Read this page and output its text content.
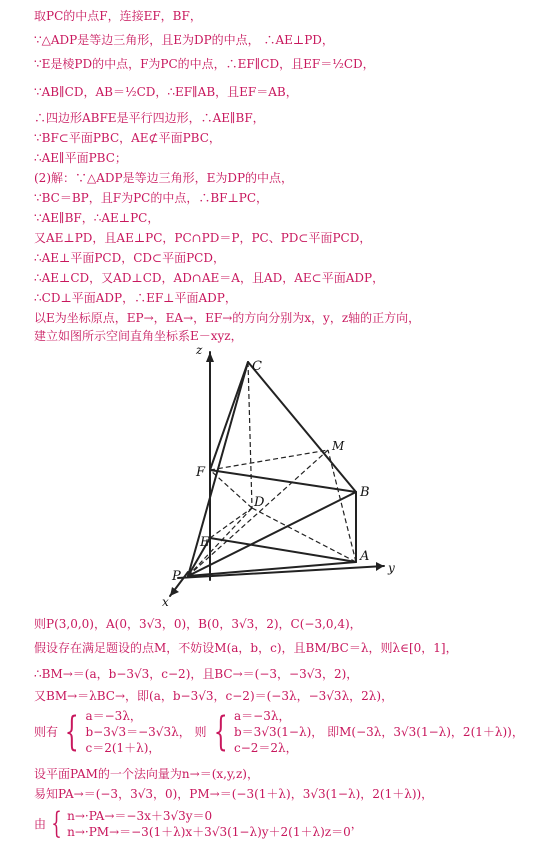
取PC的中点F，连接EF，BF，
∵△ADP是等边三角形，且E为DP的中点， ∴AE⊥PD，
∵E是棱PD的中点，F为PC的中点，∴EF∥CD，且EF＝½CD，
∵AB∥CD，AB＝½CD，∴EF∥AB，且EF＝AB，
∴四边形ABFE是平行四边形，∴AE∥BF，
∵BF⊂平面PBC，AE⊄平面PBC，
∴AE∥平面PBC；
(2)解：∵△ADP是等边三角形，E为DP的中点，
∵BC＝BP，且F为PC的中点，∴BF⊥PC，
∵AE∥BF，∴AE⊥PC，
又AE⊥PD，且AE⊥PC，PC∩PD＝P，PC、PD⊂平面PCD，
∴AE⊥平面PCD，CD⊂平面PCD，
∴AE⊥CD，又AD⊥CD，AD∩AE＝A，且AD，AE⊂平面ADP，
∴CD⊥平面ADP，∴EF⊥平面ADP，
以E为坐标原点，EP→，EA→，EF→的方向分别为x，y，z轴的正方向，
建立如图所示空间直角坐标系E－xyz，
z
C
M
F
B
D
E
A
P
y
x
则P(3,0,0)，A(0，3√3，0)，B(0，3√3，2)，C(−3,0,4)，
假设存在满足题设的点M，不妨设M(a，b，c)，且BM/BC＝λ，则λ∈[0，1]，
∴BM→＝(a，b−3√3，c−2)，且BC→＝(−3，−3√3，2)，
又BM→＝λBC→，即(a，b−3√3，c−2)＝(−3λ，−3√3λ，2λ)，
则有 { a＝−3λ，
b−3√3＝−3√3λ，
c＝2(1＋λ)，
则 { a＝−3λ，
b＝3√3(1−λ)，
c−2＝2λ，
即M(−3λ，3√3(1−λ)，2(1＋λ))，
设平面PAM的一个法向量为n→＝(x,y,z)，
易知PA→＝(−3，3√3，0)，PM→＝(−3(1＋λ)，3√3(1−λ)，2(1＋λ))，
由 { n→·PA→＝−3x＋3√3y＝0
n→·PM→＝−3(1＋λ)x＋3√3(1−λ)y＋2(1＋λ)z＝0
，
